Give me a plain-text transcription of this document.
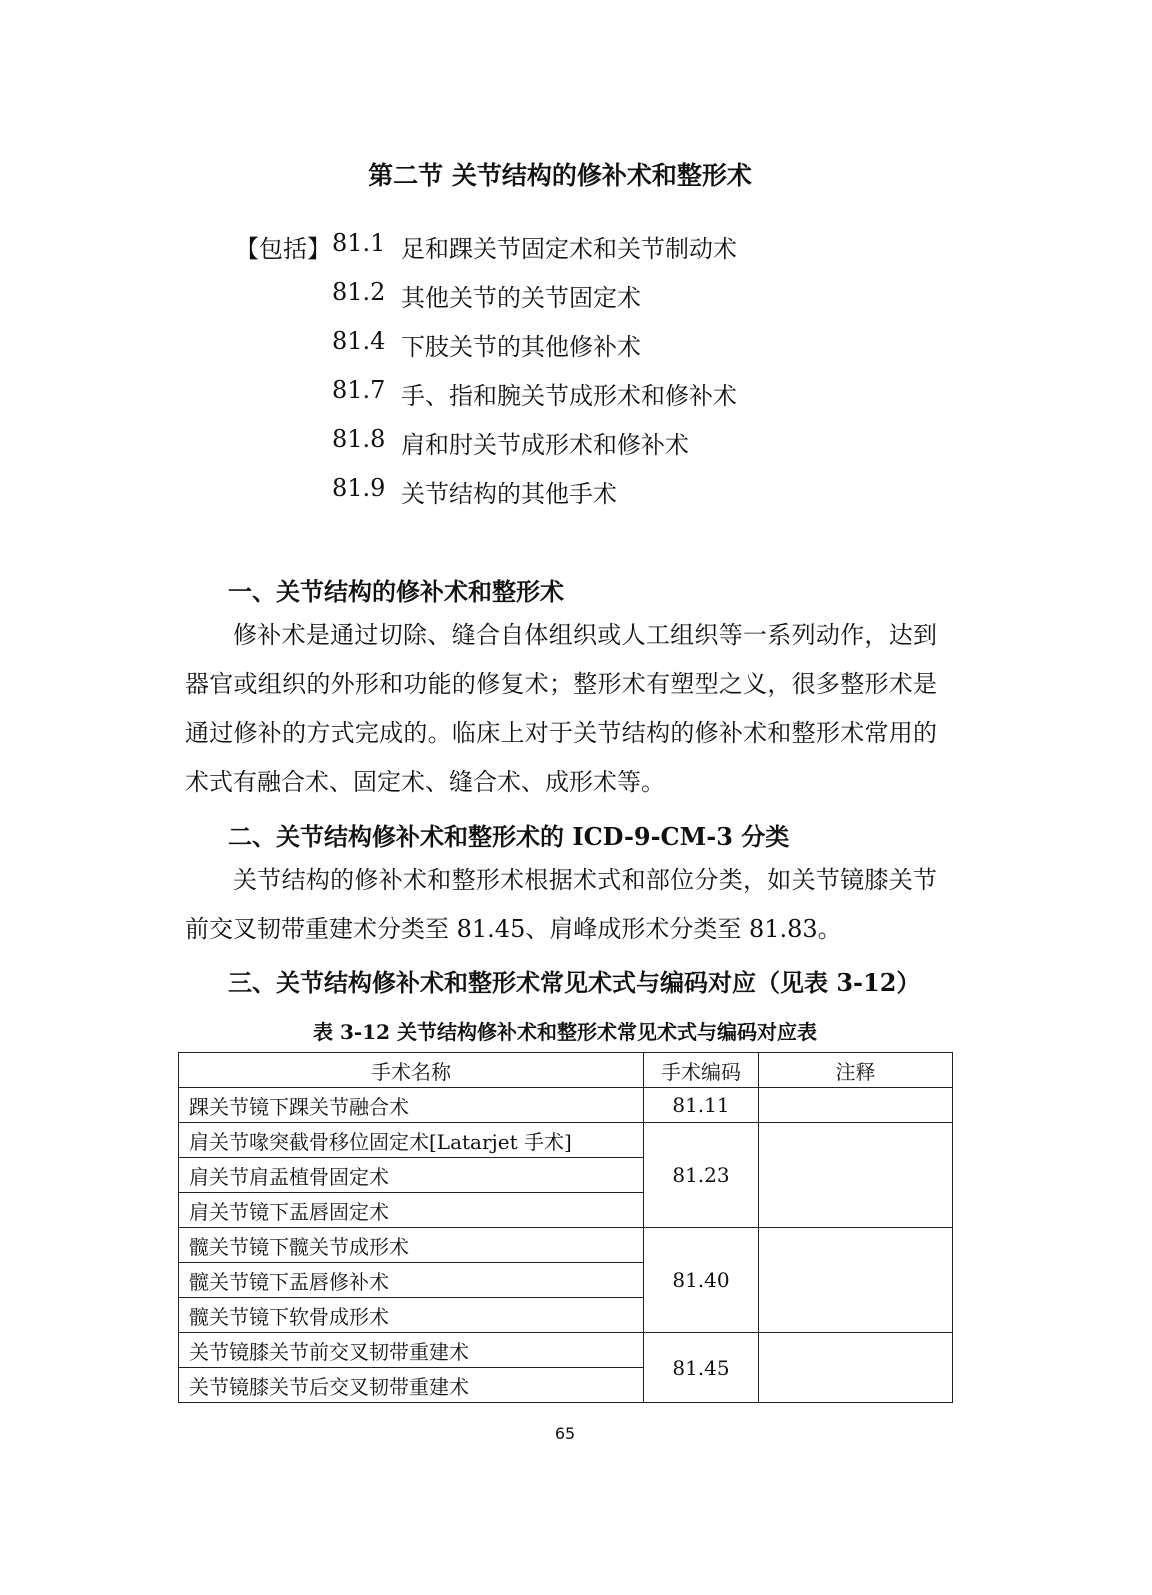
第二节 关节结构的修补术和整形术
【包括】 81.1 足和踝关节固定术和关节制动术
81.2 其他关节的关节固定术
81.4 下肢关节的其他修补术
81.7 手、指和腕关节成形术和修补术
81.8 肩和肘关节成形术和修补术
81.9 关节结构的其他手术
一、关节结构的修补术和整形术
修补术是通过切除、缝合自体组织或人工组织等一系列动作，达到器官或组织的外形和功能的修复术；整形术有塑型之义，很多整形术是通过修补的方式完成的。临床上对于关节结构的修补术和整形术常用的术式有融合术、固定术、缝合术、成形术等。
二、关节结构修补术和整形术的 ICD-9-CM-3 分类
关节结构的修补术和整形术根据术式和部位分类，如关节镜膝关节前交叉韧带重建术分类至 81.45、肩峰成形术分类至 81.83。
三、关节结构修补术和整形术常见术式与编码对应（见表 3-12）
表 3-12 关节结构修补术和整形术常见术式与编码对应表
手术名称	手术编码	注释
踝关节镜下踝关节融合术	81.11	
肩关节喙突截骨移位固定术[Latarjet 手术]	81.23	
肩关节肩盂植骨固定术		
肩关节镜下盂唇固定术		
髋关节镜下髋关节成形术	81.40	
髋关节镜下盂唇修补术		
髋关节镜下软骨成形术		
关节镜膝关节前交叉韧带重建术	81.45	
关节镜膝关节后交叉韧带重建术		
65
